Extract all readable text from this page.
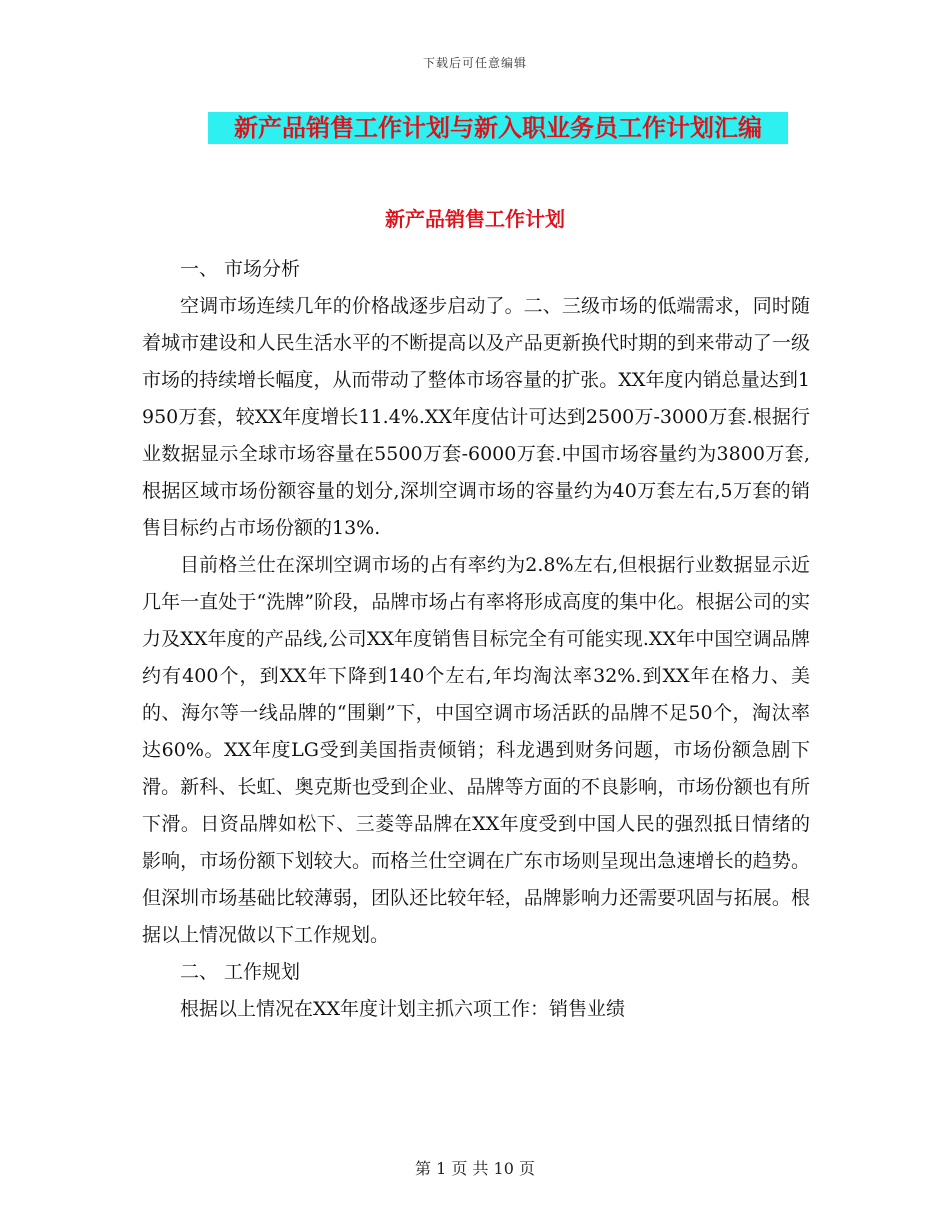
下载后可任意编辑
新产品销售工作计划与新入职业务员工作计划汇编
新产品销售工作计划

一、 市场分析

空调市场连续几年的价格战逐步启动了。二、三级市场的低端需求，同时随着城市建设和人民生活水平的不断提高以及产品更新换代时期的到来带动了一级市场的持续增长幅度，从而带动了整体市场容量的扩张。XX年度内销总量达到1950万套，较XX年度增长11.4%.XX年度估计可达到2500万-3000万套.根据行业数据显示全球市场容量在5500万套-6000万套.中国市场容量约为3800万套,根据区域市场份额容量的划分,深圳空调市场的容量约为40万套左右,5万套的销售目标约占市场份额的13%.

目前格兰仕在深圳空调市场的占有率约为2.8%左右,但根据行业数据显示近几年一直处于“洗牌”阶段，品牌市场占有率将形成高度的集中化。根据公司的实力及XX年度的产品线,公司XX年度销售目标完全有可能实现.XX年中国空调品牌约有400个，到XX年下降到140个左右,年均淘汰率32%.到XX年在格力、美的、海尔等一线品牌的“围剿”下，中国空调市场活跃的品牌不足50个，淘汰率达60%。XX年度LG受到美国指责倾销；科龙遇到财务问题，市场份额急剧下滑。新科、长虹、奥克斯也受到企业、品牌等方面的不良影响，市场份额也有所下滑。日资品牌如松下、三菱等品牌在XX年度受到中国人民的强烈抵日情绪的影响，市场份额下划较大。而格兰仕空调在广东市场则呈现出急速增长的趋势。但深圳市场基础比较薄弱，团队还比较年轻，品牌影响力还需要巩固与拓展。根据以上情况做以下工作规划。

二、 工作规划

根据以上情况在XX年度计划主抓六项工作：销售业绩

第 1 页 共 10 页
